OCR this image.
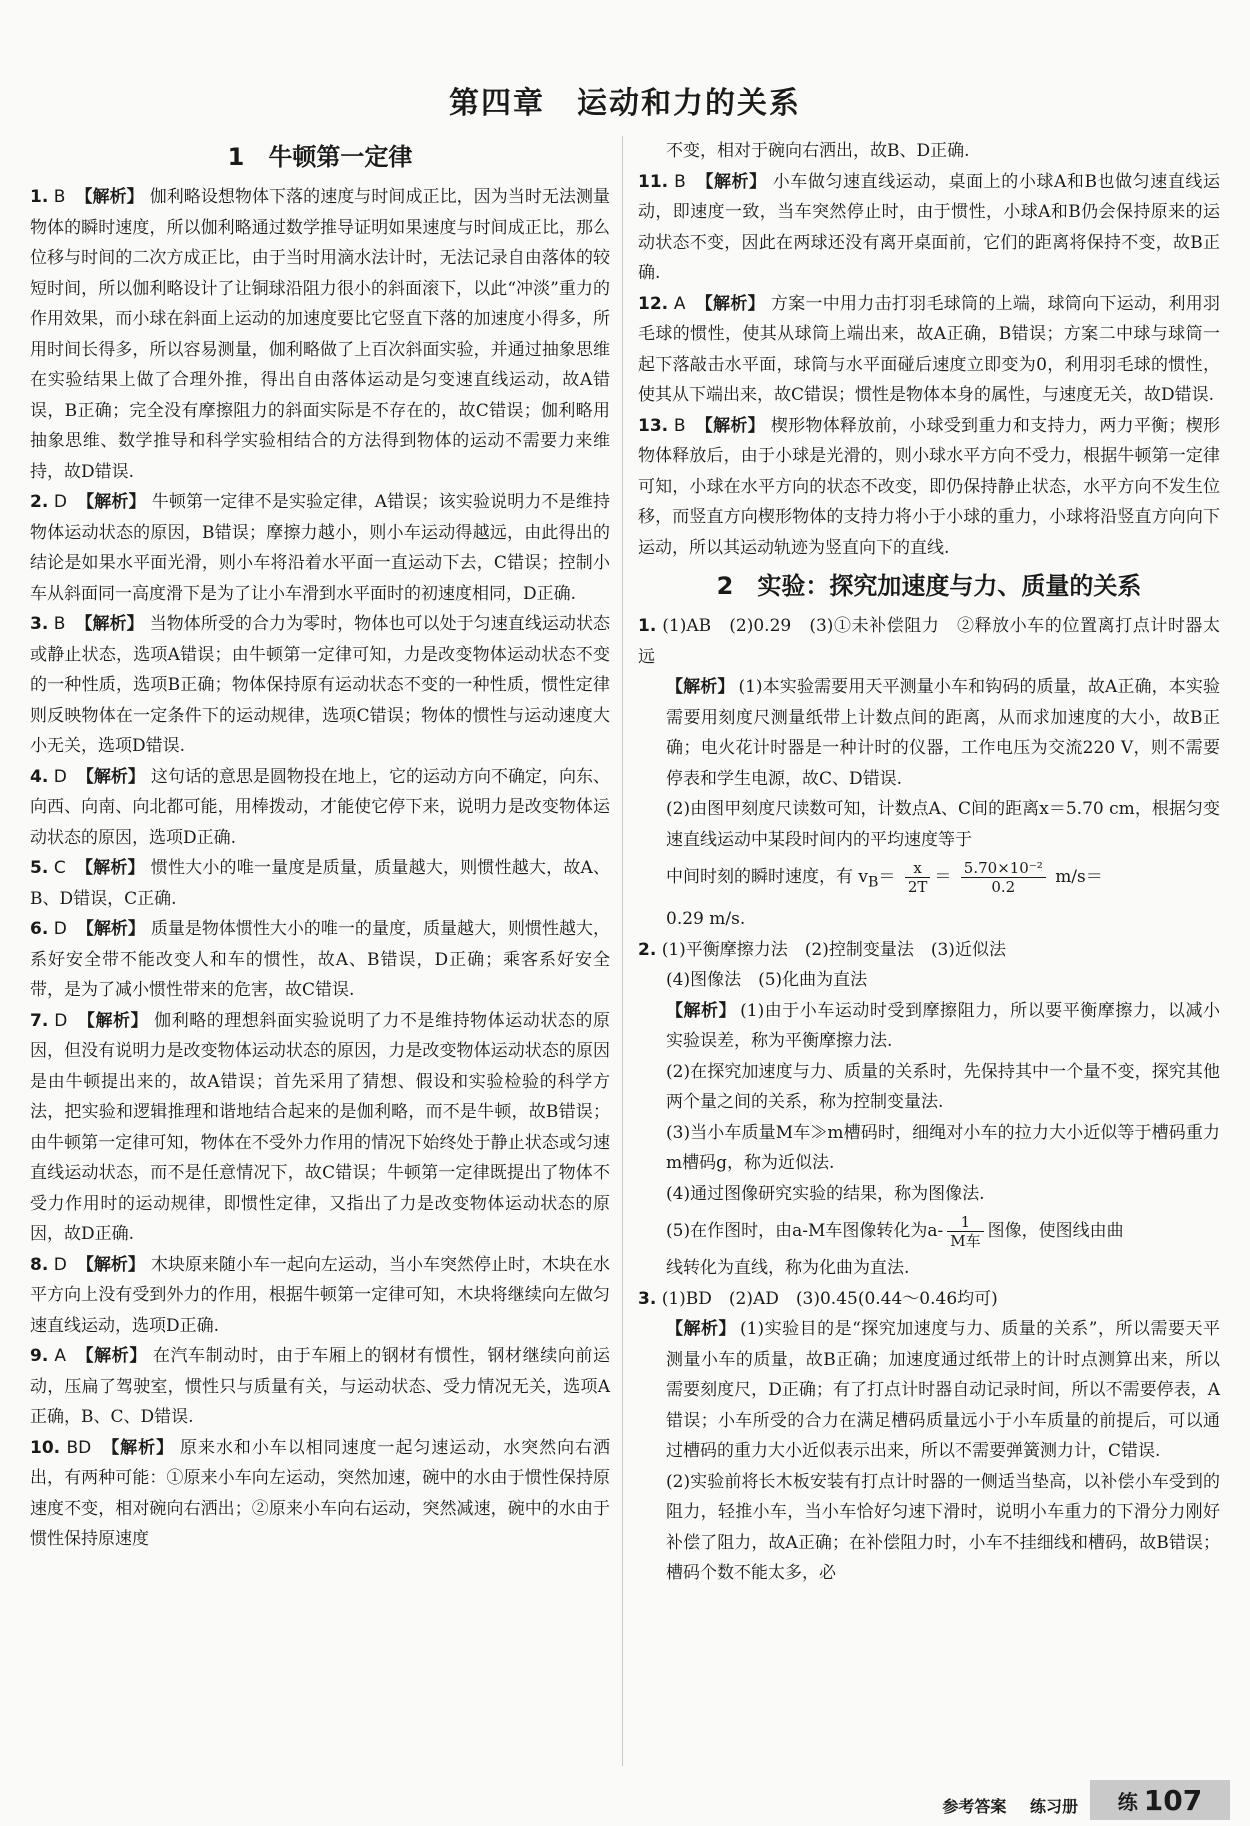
第四章　运动和力的关系
1　牛顿第一定律

1. B 【解析】 伽利略设想物体下落的速度与时间成正比，因为当时无法测量物体的瞬时速度，所以伽利略通过数学推导证明如果速度与时间成正比，那么位移与时间的二次方成正比，由于当时用滴水法计时，无法记录自由落体的较短时间，所以伽利略设计了让铜球沿阻力很小的斜面滚下，以此“冲淡”重力的作用效果，而小球在斜面上运动的加速度要比它竖直下落的加速度小得多，所用时间长得多，所以容易测量，伽利略做了上百次斜面实验，并通过抽象思维在实验结果上做了合理外推，得出自由落体运动是匀变速直线运动，故A错误，B正确；完全没有摩擦阻力的斜面实际是不存在的，故C错误；伽利略用抽象思维、数学推导和科学实验相结合的方法得到物体的运动不需要力来维持，故D错误.

2. D 【解析】 牛顿第一定律不是实验定律，A错误；该实验说明力不是维持物体运动状态的原因，B错误；摩擦力越小，则小车运动得越远，由此得出的结论是如果水平面光滑，则小车将沿着水平面一直运动下去，C错误；控制小车从斜面同一高度滑下是为了让小车滑到水平面时的初速度相同，D正确.

3. B 【解析】 当物体所受的合力为零时，物体也可以处于匀速直线运动状态或静止状态，选项A错误；由牛顿第一定律可知，力是改变物体运动状态不变的一种性质，选项B正确；物体保持原有运动状态不变的一种性质，惯性定律则反映物体在一定条件下的运动规律，选项C错误；物体的惯性与运动速度大小无关，选项D错误.

4. D 【解析】 这句话的意思是圆物投在地上，它的运动方向不确定，向东、向西、向南、向北都可能，用棒拨动，才能使它停下来，说明力是改变物体运动状态的原因，选项D正确.

5. C 【解析】 惯性大小的唯一量度是质量，质量越大，则惯性越大，故A、B、D错误，C正确.

6. D 【解析】 质量是物体惯性大小的唯一的量度，质量越大，则惯性越大，系好安全带不能改变人和车的惯性，故A、B错误，D正确；乘客系好安全带，是为了减小惯性带来的危害，故C错误.

7. D 【解析】 伽利略的理想斜面实验说明了力不是维持物体运动状态的原因，但没有说明力是改变物体运动状态的原因，力是改变物体运动状态的原因是由牛顿提出来的，故A错误；首先采用了猜想、假设和实验检验的科学方法，把实验和逻辑推理和谐地结合起来的是伽利略，而不是牛顿，故B错误；由牛顿第一定律可知，物体在不受外力作用的情况下始终处于静止状态或匀速直线运动状态，而不是任意情况下，故C错误；牛顿第一定律既提出了物体不受力作用时的运动规律，即惯性定律，又指出了力是改变物体运动状态的原因，故D正确.

8. D 【解析】 木块原来随小车一起向左运动，当小车突然停止时，木块在水平方向上没有受到外力的作用，根据牛顿第一定律可知，木块将继续向左做匀速直线运动，选项D正确.

9. A 【解析】 在汽车制动时，由于车厢上的钢材有惯性，钢材继续向前运动，压扁了驾驶室，惯性只与质量有关，与运动状态、受力情况无关，选项A正确，B、C、D错误.

10. BD 【解析】 原来水和小车以相同速度一起匀速运动，水突然向右洒出，有两种可能：①原来小车向左运动，突然加速，碗中的水由于惯性保持原速度不变，相对碗向右洒出；②原来小车向右运动，突然减速，碗中的水由于惯性保持原速度

不变，相对于碗向右洒出，故B、D正确.

11. B 【解析】 小车做匀速直线运动，桌面上的小球A和B也做匀速直线运动，即速度一致，当车突然停止时，由于惯性，小球A和B仍会保持原来的运动状态不变，因此在两球还没有离开桌面前，它们的距离将保持不变，故B正确.

12. A 【解析】 方案一中用力击打羽毛球筒的上端，球筒向下运动，利用羽毛球的惯性，使其从球筒上端出来，故A正确，B错误；方案二中球与球筒一起下落敲击水平面，球筒与水平面碰后速度立即变为0，利用羽毛球的惯性，使其从下端出来，故C错误；惯性是物体本身的属性，与速度无关，故D错误.

13. B 【解析】 楔形物体释放前，小球受到重力和支持力，两力平衡；楔形物体释放后，由于小球是光滑的，则小球水平方向不受力，根据牛顿第一定律可知，小球在水平方向的状态不改变，即仍保持静止状态，水平方向不发生位移，而竖直方向楔形物体的支持力将小于小球的重力，小球将沿竖直方向向下运动，所以其运动轨迹为竖直向下的直线.

2　实验：探究加速度与力、质量的关系

1. (1)AB　(2)0.29　(3)①未补偿阻力　②释放小车的位置离打点计时器太远

【解析】 (1)本实验需要用天平测量小车和钩码的质量，故A正确，本实验需要用刻度尺测量纸带上计数点间的距离，从而求加速度的大小，故B正确；电火花计时器是一种计时的仪器，工作电压为交流220 V，则不需要停表和学生电源，故C、D错误.

(2)由图甲刻度尺读数可知，计数点A、C间的距离x＝5.70 cm，根据匀变速直线运动中某段时间内的平均速度等于

中间时刻的瞬时速度，有 $v_B= \frac{x}{2T} = \frac{\text{5.70×10⁻²}}{0.2} m/s=$

0.29 m/s.

2. (1)平衡摩擦力法　(2)控制变量法　(3)近似法

(4)图像法　(5)化曲为直法

【解析】 (1)由于小车运动时受到摩擦阻力，所以要平衡摩擦力，以减小实验误差，称为平衡摩擦力法.

(2)在探究加速度与力、质量的关系时，先保持其中一个量不变，探究其他两个量之间的关系，称为控制变量法.

(3)当小车质量M车≫m槽码时，细绳对小车的拉力大小近似等于槽码重力m槽码g，称为近似法.

(4)通过图像研究实验的结果，称为图像法.

(5)在作图时，由a-M车图像转化为$a- \frac{1}{\text{M车}}$ 图像，使图线由曲

线转化为直线，称为化曲为直法.

3. (1)BD　(2)AD　(3)0.45(0.44～0.46均可)

【解析】 (1)实验目的是“探究加速度与力、质量的关系”，所以需要天平测量小车的质量，故B正确；加速度通过纸带上的计时点测算出来，所以需要刻度尺，D正确；有了打点计时器自动记录时间，所以不需要停表，A错误；小车所受的合力在满足槽码质量远小于小车质量的前提后，可以通过槽码的重力大小近似表示出来，所以不需要弹簧测力计，C错误.

(2)实验前将长木板安装有打点计时器的一侧适当垫高，以补偿小车受到的阻力，轻推小车，当小车恰好匀速下滑时，说明小车重力的下滑分力刚好补偿了阻力，故A正确；在补偿阻力时，小车不挂细线和槽码，故B错误；槽码个数不能太多，必

参考答案 练习册 练 107
